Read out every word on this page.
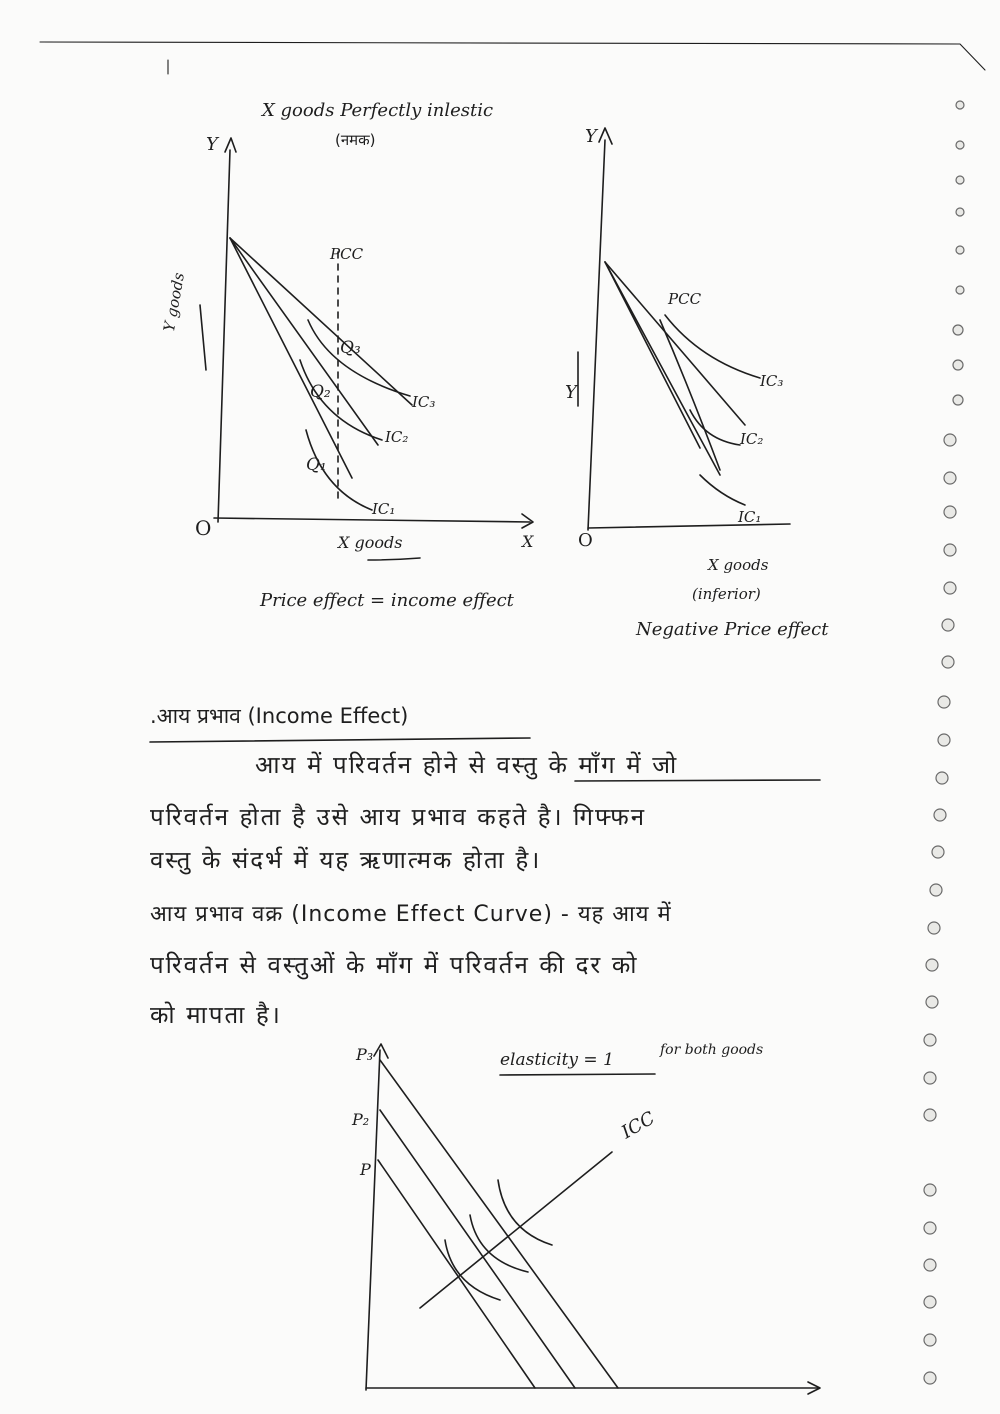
X goods Perfectly inlestic
(नमक)
Y
Y goods
PCC
Q₃
Q₂
Q₁
IC₃
IC₂
IC₁
O
X
X goods
Price effect = income effect
Y
Y
PCC
IC₃
IC₂
IC₁
O
X goods
(inferior)
Negative Price effect
.आय प्रभाव (Income Effect)
आय में परिवर्तन होने से वस्तु के माँग में जो
परिवर्तन होता है उसे आय प्रभाव कहते है। गिफ्फन
वस्तु के संदर्भ में यह ऋणात्मक होता है।
आय प्रभाव वक्र (Income Effect Curve) - यह आय में
परिवर्तन से वस्तुओं के माँग में परिवर्तन की दर को
को मापता है।
elasticity = 1	for both goods
P₃
P₂
P
ICC
